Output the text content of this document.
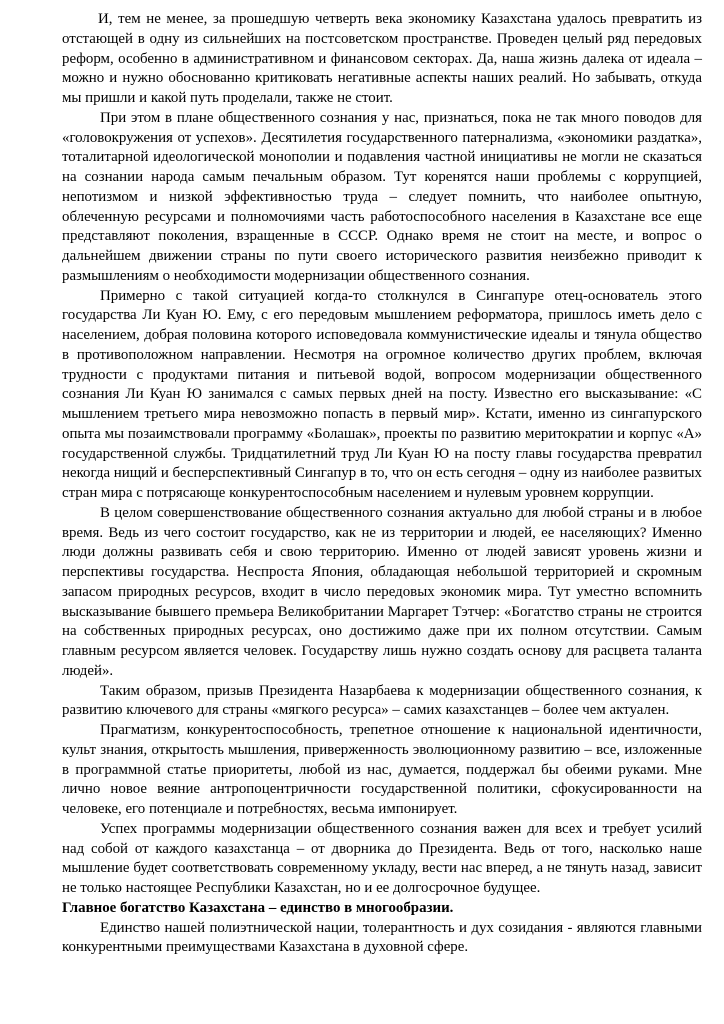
И, тем не менее, за прошедшую четверть века экономику Казахстана удалось превратить из отстающей в одну из сильнейших на постсоветском пространстве. Проведен целый ряд передовых реформ, особенно в административном и финансовом секторах. Да, наша жизнь далека от идеала – можно и нужно обоснованно критиковать негативные аспекты наших реалий. Но забывать, откуда мы пришли и какой путь проделали, также не стоит.

При этом в плане общественного сознания у нас, признаться, пока не так много поводов для «головокружения от успехов». Десятилетия государственного патернализма, «экономики раздатка», тоталитарной идеологической монополии и подавления частной инициативы не могли не сказаться на сознании народа самым печальным образом. Тут коренятся наши проблемы с коррупцией, непотизмом и низкой эффективностью труда – следует помнить, что наиболее опытную, облеченную ресурсами и полномочиями часть работоспособного населения в Казахстане все еще представляют поколения, взращенные в СССР. Однако время не стоит на месте, и вопрос о дальнейшем движении страны по пути своего исторического развития неизбежно приводит к размышлениям о необходимости модернизации общественного сознания.

Примерно с такой ситуацией когда-то столкнулся в Сингапуре отец-основатель этого государства Ли Куан Ю. Ему, с его передовым мышлением реформатора, пришлось иметь дело с населением, добрая половина которого исповедовала коммунистические идеалы и тянула общество в противоположном направлении. Несмотря на огромное количество других проблем, включая трудности с продуктами питания и питьевой водой, вопросом модернизации общественного сознания Ли Куан Ю занимался с самых первых дней на посту. Известно его высказывание: «С мышлением третьего мира невозможно попасть в первый мир». Кстати, именно из сингапурского опыта мы позаимствовали программу «Болашак», проекты по развитию меритократии и корпус «А» государственной службы. Тридцатилетний труд Ли Куан Ю на посту главы государства превратил некогда нищий и бесперспективный Сингапур в то, что он есть сегодня – одну из наиболее развитых стран мира с потрясающе конкурентоспособным населением и нулевым уровнем коррупции.

В целом совершенствование общественного сознания актуально для любой страны и в любое время. Ведь из чего состоит государство, как не из территории и людей, ее населяющих? Именно люди должны развивать себя и свою территорию. Именно от людей зависят уровень жизни и перспективы государства. Неспроста Япония, обладающая небольшой территорией и скромным запасом природных ресурсов, входит в число передовых экономик мира. Тут уместно вспомнить высказывание бывшего премьера Великобритании Маргарет Тэтчер: «Богатство страны не строится на собственных природных ресурсах, оно достижимо даже при их полном отсутствии. Самым главным ресурсом является человек. Государству лишь нужно создать основу для расцвета таланта людей».

Таким образом, призыв Президента Назарбаева к модернизации общественного сознания, к развитию ключевого для страны «мягкого ресурса» – самих казахстанцев – более чем актуален.

Прагматизм, конкурентоспособность, трепетное отношение к национальной идентичности, культ знания, открытость мышления, приверженность эволюционному развитию – все, изложенные в программной статье приоритеты, любой из нас, думается, поддержал бы обеими руками. Мне лично новое веяние антропоцентричности государственной политики, сфокусированности на человеке, его потенциале и потребностях, весьма импонирует.

Успех программы модернизации общественного сознания важен для всех и требует усилий над собой от каждого казахстанца – от дворника до Президента. Ведь от того, насколько наше мышление будет соответствовать современному укладу, вести нас вперед, а не тянуть назад, зависит не только настоящее Республики Казахстан, но и ее долгосрочное будущее.

Главное богатство Казахстана – единство в многообразии.

Единство нашей полиэтнической нации, толерантность и дух созидания - являются главными конкурентными преимуществами Казахстана в духовной сфере.
